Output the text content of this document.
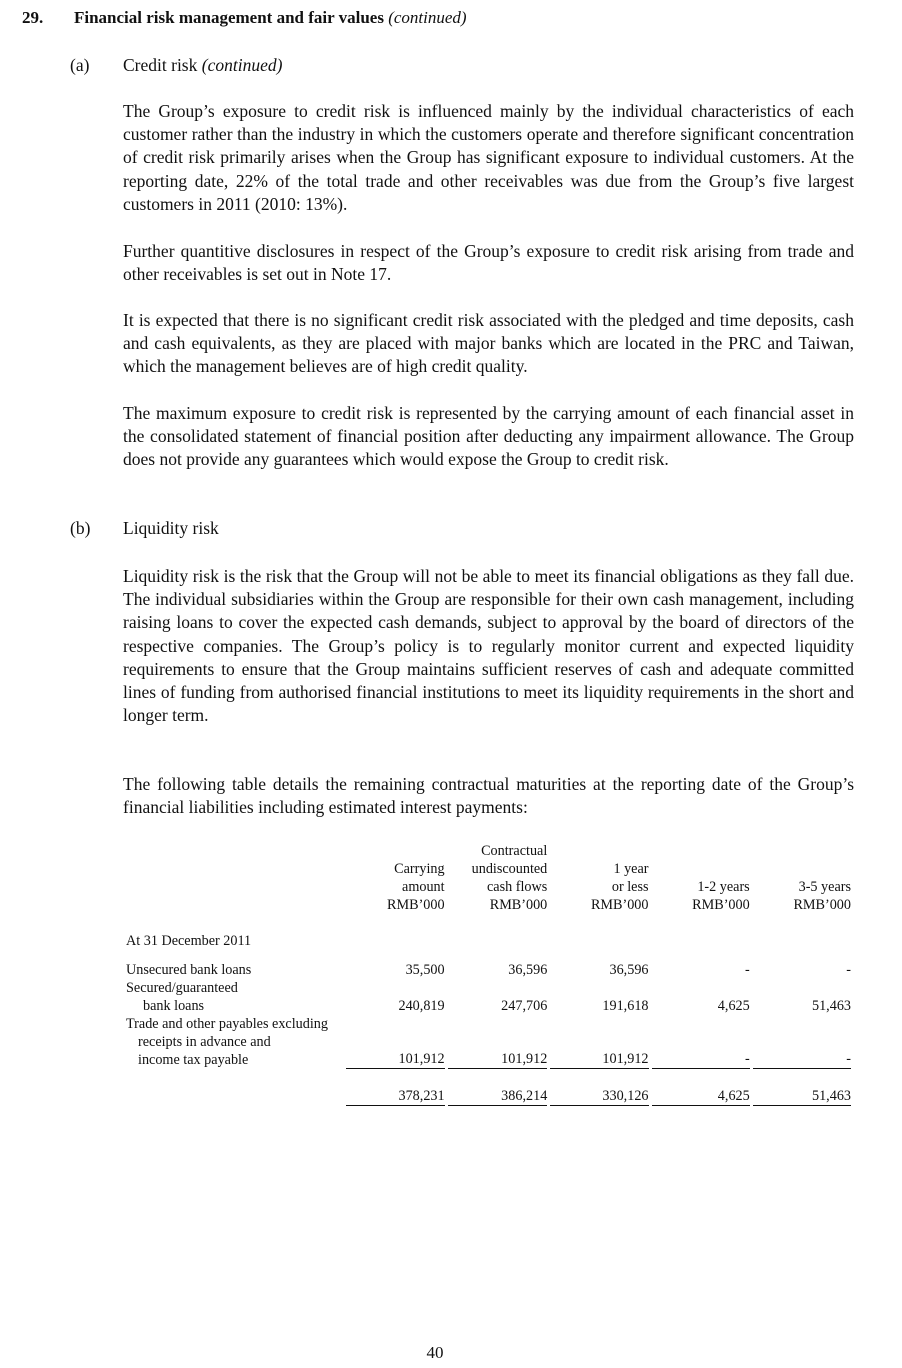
29. Financial risk management and fair values (continued)
(a) Credit risk (continued)

The Group’s exposure to credit risk is influenced mainly by the individual characteristics of each customer rather than the industry in which the customers operate and therefore significant concentration of credit risk primarily arises when the Group has significant exposure to individual customers. At the reporting date, 22% of the total trade and other receivables was due from the Group’s five largest customers in 2011 (2010: 13%).

Further quantitive disclosures in respect of the Group’s exposure to credit risk arising from trade and other receivables is set out in Note 17.

It is expected that there is no significant credit risk associated with the pledged and time deposits, cash and cash equivalents, as they are placed with major banks which are located in the PRC and Taiwan, which the management believes are of high credit quality.

The maximum exposure to credit risk is represented by the carrying amount of each financial asset in the consolidated statement of financial position after deducting any impairment allowance. The Group does not provide any guarantees which would expose the Group to credit risk.

(b) Liquidity risk

Liquidity risk is the risk that the Group will not be able to meet its financial obligations as they fall due. The individual subsidiaries within the Group are responsible for their own cash management, including raising loans to cover the expected cash demands, subject to approval by the board of directors of the respective companies. The Group’s policy is to regularly monitor current and expected liquidity requirements to ensure that the Group maintains sufficient reserves of cash and adequate committed lines of funding from authorised financial institutions to meet its liquidity requirements in the short and longer term.

The following table details the remaining contractual maturities at the reporting date of the Group’s financial liabilities including estimated interest payments:

	Carrying
amount
RMB’000	Contractual
undiscounted
cash flows
RMB’000	1 year
or less
RMB’000	1-2 years
RMB’000	3-5 years
RMB’000

At 31 December 2011					

Unsecured bank loans	35,500	36,596	36,596	-	-

Secured/guaranteed
bank loans	240,819	247,706	191,618	4,625	51,463

Trade and other payables excluding
receipts in advance and
income tax payable	101,912	101,912	101,912	-	-

	378,231	386,214	330,126	4,625	51,463
40
